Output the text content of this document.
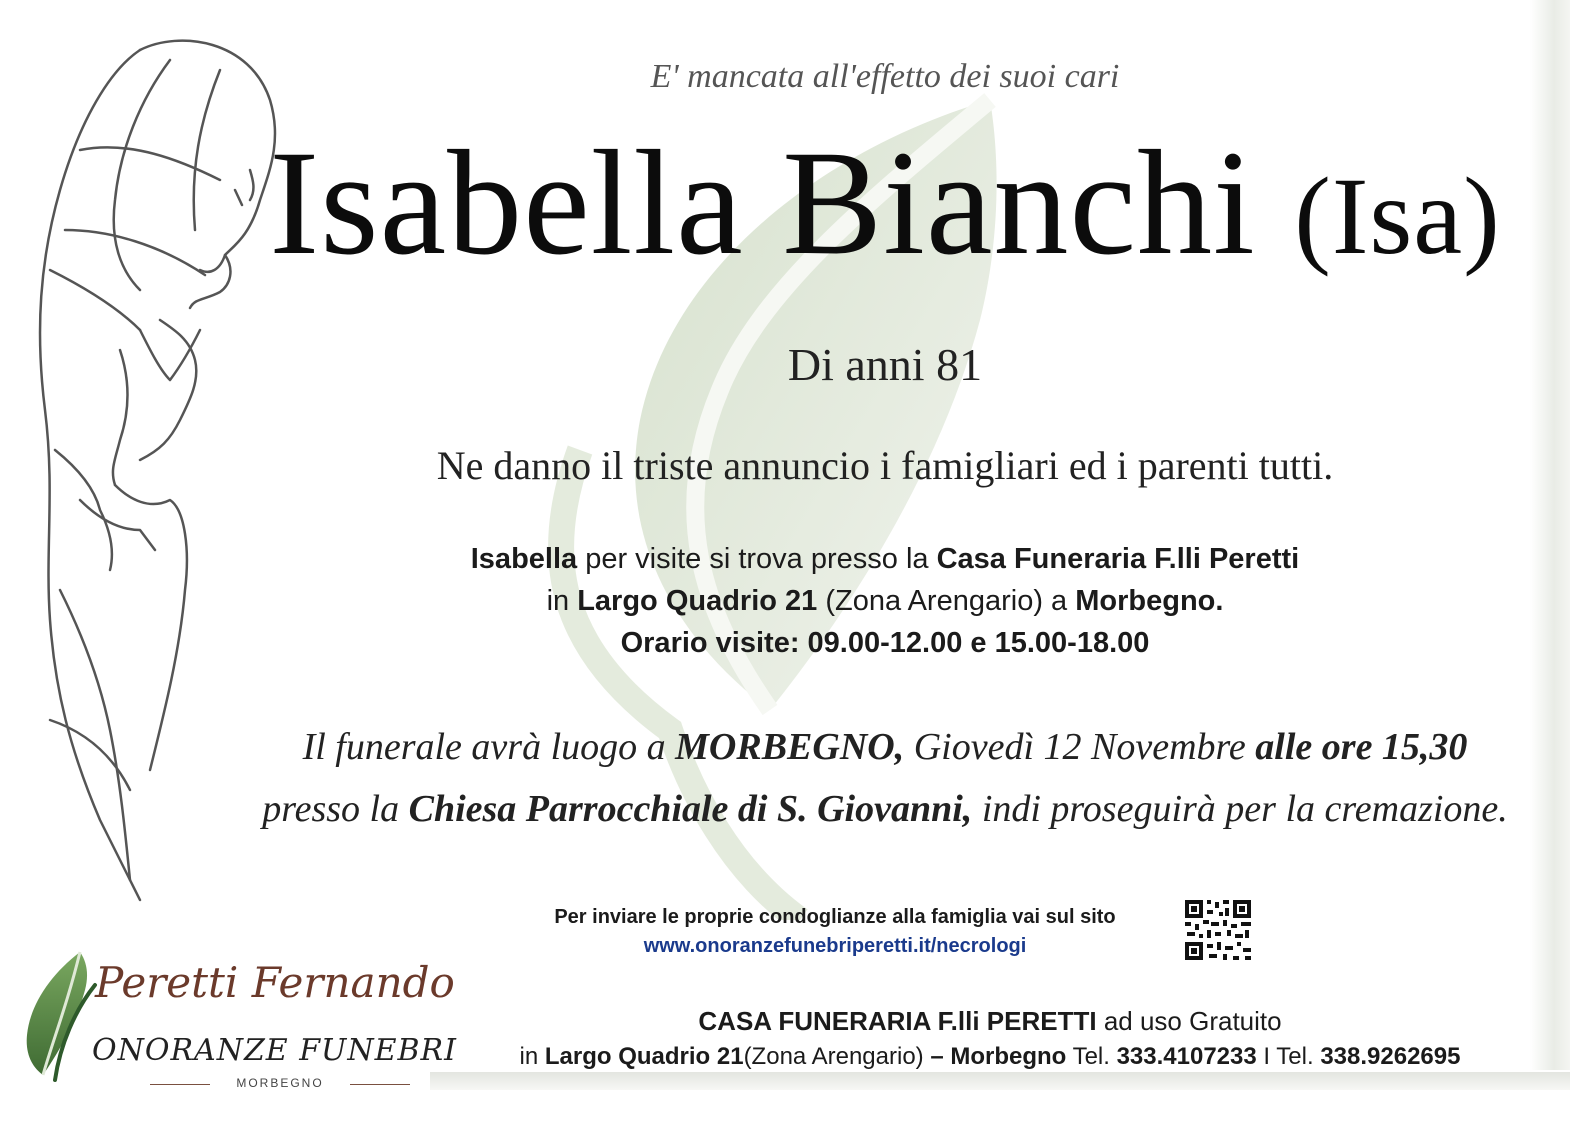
E' mancata all'effetto dei suoi cari
Isabella Bianchi (Isa)
Di anni 81
Ne danno il triste annuncio i famigliari ed i parenti tutti.
Isabella per visite si trova presso la Casa Funeraria F.lli Peretti
in Largo Quadrio 21 (Zona Arengario) a Morbegno.
Orario visite: 09.00-12.00 e 15.00-18.00
Il funerale avrà luogo a MORBEGNO, Giovedì 12 Novembre alle ore 15,30
presso la Chiesa Parrocchiale di S. Giovanni, indi proseguirà per la cremazione.
Per inviare le proprie condoglianze alla famiglia vai sul sito
www.onoranzefunebriperetti.it/necrologi
CASA FUNERARIA F.lli PERETTI ad uso Gratuito
in Largo Quadrio 21(Zona Arengario) – Morbegno Tel. 333.4107233 I Tel. 338.9262695
Peretti Fernando
ONORANZE FUNEBRI
MORBEGNO
